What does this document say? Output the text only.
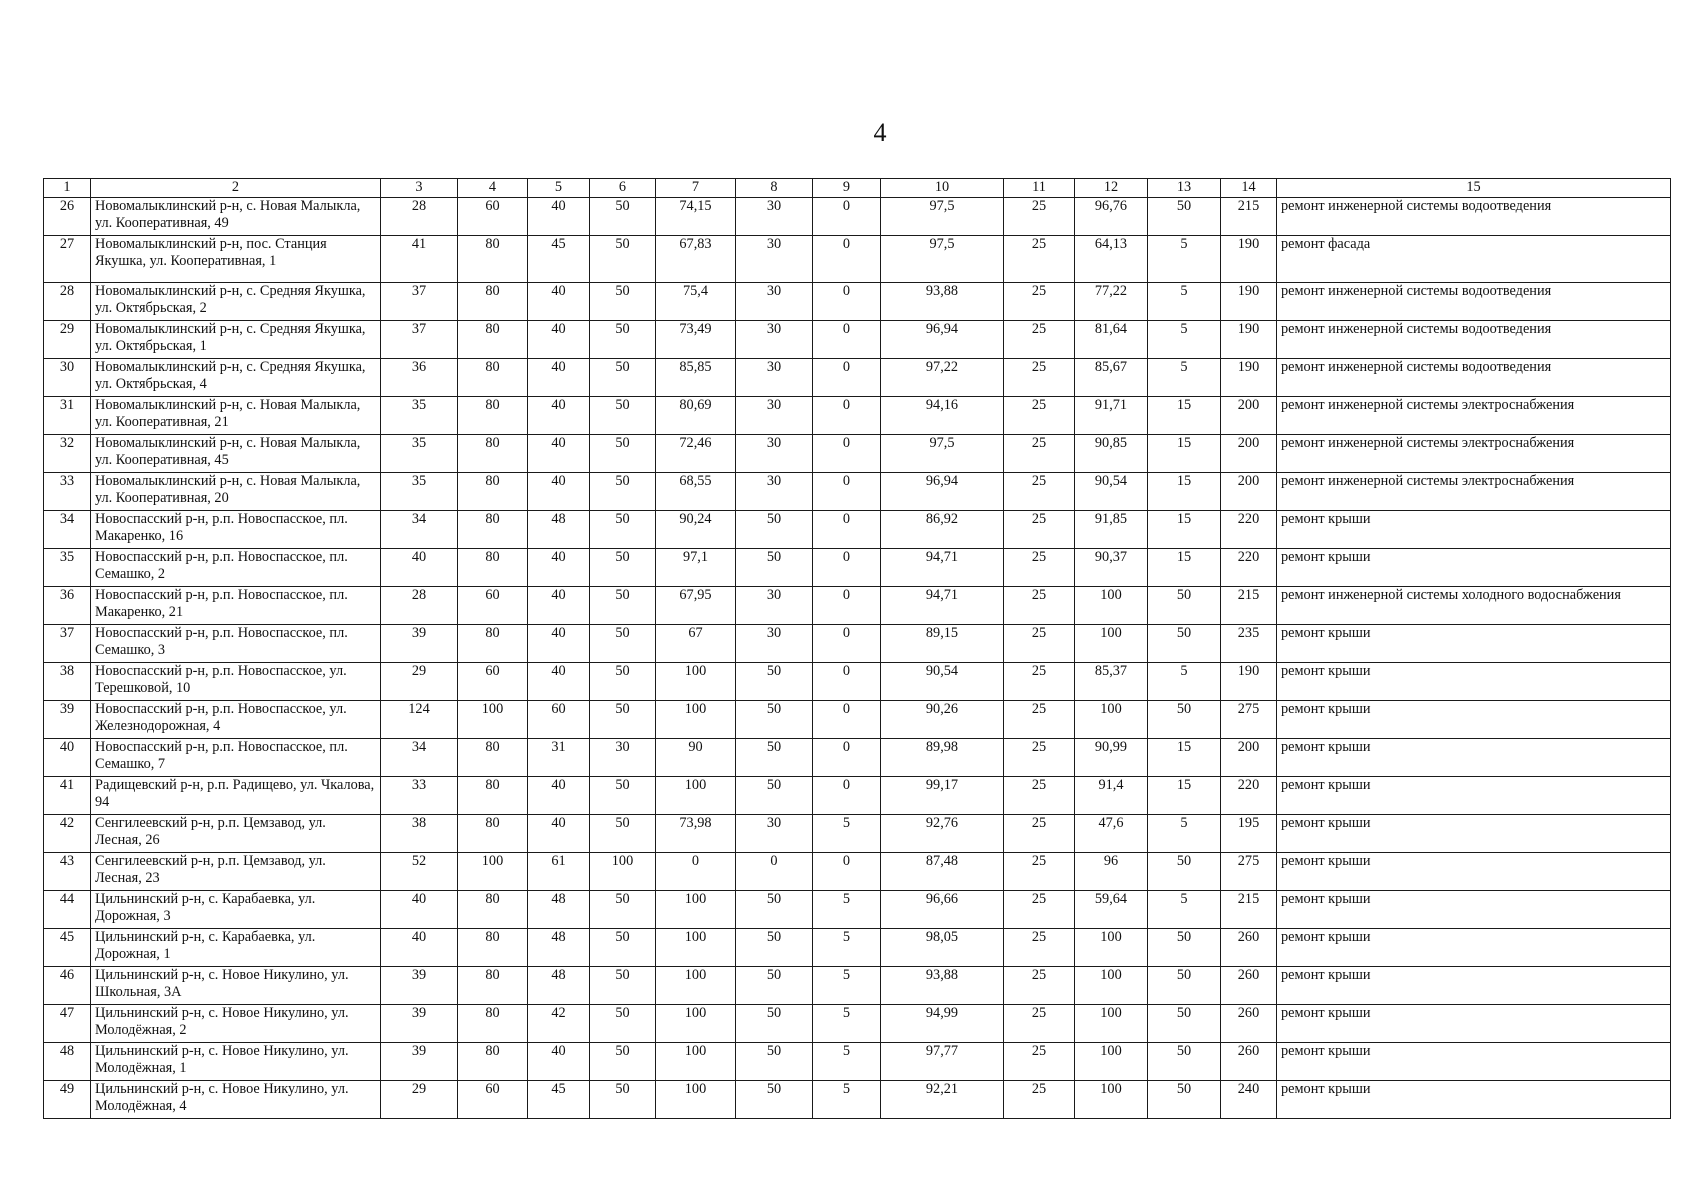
4
1	2	3	4	5	6	7	8	9	10	11	12	13	14	15
26	Новомалыклинский р-н, с. Новая Малыкла, ул. Кооперативная, 49	28	60	40	50	74,15	30	0	97,5	25	96,76	50	215	ремонт инженерной системы водоотведения
27	Новомалыклинский р-н, пос. Станция Якушка, ул. Кооперативная, 1	41	80	45	50	67,83	30	0	97,5	25	64,13	5	190	ремонт фасада
28	Новомалыклинский р-н, с. Средняя Якушка, ул. Октябрьская, 2	37	80	40	50	75,4	30	0	93,88	25	77,22	5	190	ремонт инженерной системы водоотведения
29	Новомалыклинский р-н, с. Средняя Якушка, ул. Октябрьская, 1	37	80	40	50	73,49	30	0	96,94	25	81,64	5	190	ремонт инженерной системы водоотведения
30	Новомалыклинский р-н, с. Средняя Якушка, ул. Октябрьская, 4	36	80	40	50	85,85	30	0	97,22	25	85,67	5	190	ремонт инженерной системы водоотведения
31	Новомалыклинский р-н, с. Новая Малыкла, ул. Кооперативная, 21	35	80	40	50	80,69	30	0	94,16	25	91,71	15	200	ремонт инженерной системы электроснабжения
32	Новомалыклинский р-н, с. Новая Малыкла, ул. Кооперативная, 45	35	80	40	50	72,46	30	0	97,5	25	90,85	15	200	ремонт инженерной системы электроснабжения
33	Новомалыклинский р-н, с. Новая Малыкла, ул. Кооперативная, 20	35	80	40	50	68,55	30	0	96,94	25	90,54	15	200	ремонт инженерной системы электроснабжения
34	Новоспасский р-н, р.п. Новоспасское, пл. Макаренко, 16	34	80	48	50	90,24	50	0	86,92	25	91,85	15	220	ремонт крыши
35	Новоспасский р-н, р.п. Новоспасское, пл. Семашко, 2	40	80	40	50	97,1	50	0	94,71	25	90,37	15	220	ремонт крыши
36	Новоспасский р-н, р.п. Новоспасское, пл. Макаренко, 21	28	60	40	50	67,95	30	0	94,71	25	100	50	215	ремонт инженерной системы холодного водоснабжения
37	Новоспасский р-н, р.п. Новоспасское, пл. Семашко, 3	39	80	40	50	67	30	0	89,15	25	100	50	235	ремонт крыши
38	Новоспасский р-н, р.п. Новоспасское, ул. Терешковой, 10	29	60	40	50	100	50	0	90,54	25	85,37	5	190	ремонт крыши
39	Новоспасский р-н, р.п. Новоспасское, ул. Железнодорожная, 4	124	100	60	50	100	50	0	90,26	25	100	50	275	ремонт крыши
40	Новоспасский р-н, р.п. Новоспасское, пл. Семашко, 7	34	80	31	30	90	50	0	89,98	25	90,99	15	200	ремонт крыши
41	Радищевский р-н, р.п. Радищево, ул. Чкалова, 94	33	80	40	50	100	50	0	99,17	25	91,4	15	220	ремонт крыши
42	Сенгилеевский р-н, р.п. Цемзавод, ул. Лесная, 26	38	80	40	50	73,98	30	5	92,76	25	47,6	5	195	ремонт крыши
43	Сенгилеевский р-н, р.п. Цемзавод, ул. Лесная, 23	52	100	61	100	0	0	0	87,48	25	96	50	275	ремонт крыши
44	Цильнинский р-н, с. Карабаевка, ул. Дорожная, 3	40	80	48	50	100	50	5	96,66	25	59,64	5	215	ремонт крыши
45	Цильнинский р-н, с. Карабаевка, ул. Дорожная, 1	40	80	48	50	100	50	5	98,05	25	100	50	260	ремонт крыши
46	Цильнинский р-н, с. Новое Никулино, ул. Школьная, 3А	39	80	48	50	100	50	5	93,88	25	100	50	260	ремонт крыши
47	Цильнинский р-н, с. Новое Никулино, ул. Молодёжная, 2	39	80	42	50	100	50	5	94,99	25	100	50	260	ремонт крыши
48	Цильнинский р-н, с. Новое Никулино, ул. Молодёжная, 1	39	80	40	50	100	50	5	97,77	25	100	50	260	ремонт крыши
49	Цильнинский р-н, с. Новое Никулино, ул. Молодёжная, 4	29	60	45	50	100	50	5	92,21	25	100	50	240	ремонт крыши
